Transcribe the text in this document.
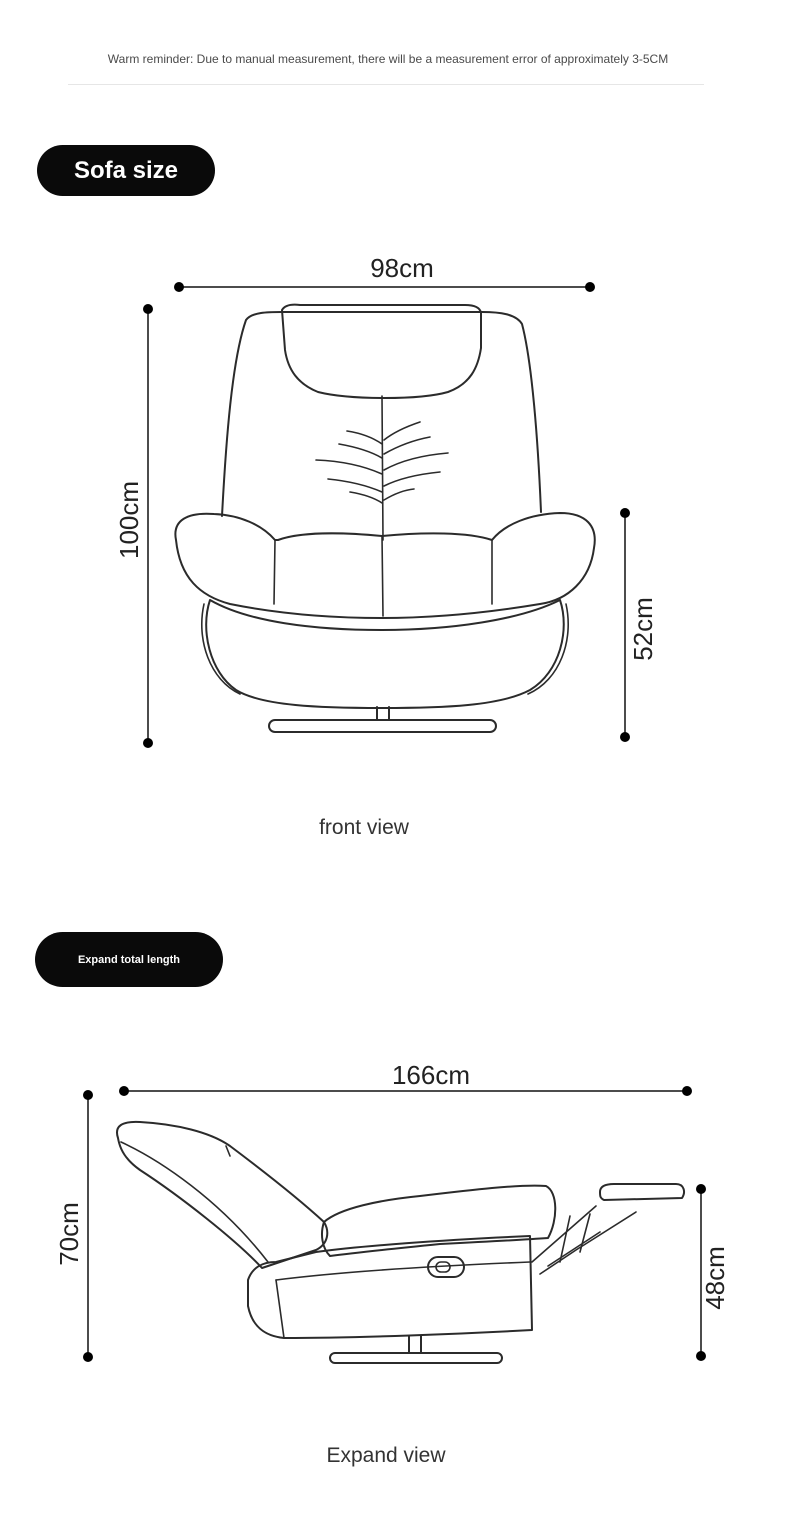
Warm reminder: Due to manual measurement, there will be a measurement error of approximately 3-5CM
Sofa size
Expand total length
98cm
100cm
52cm
166cm
70cm
48cm
front view
Expand view
